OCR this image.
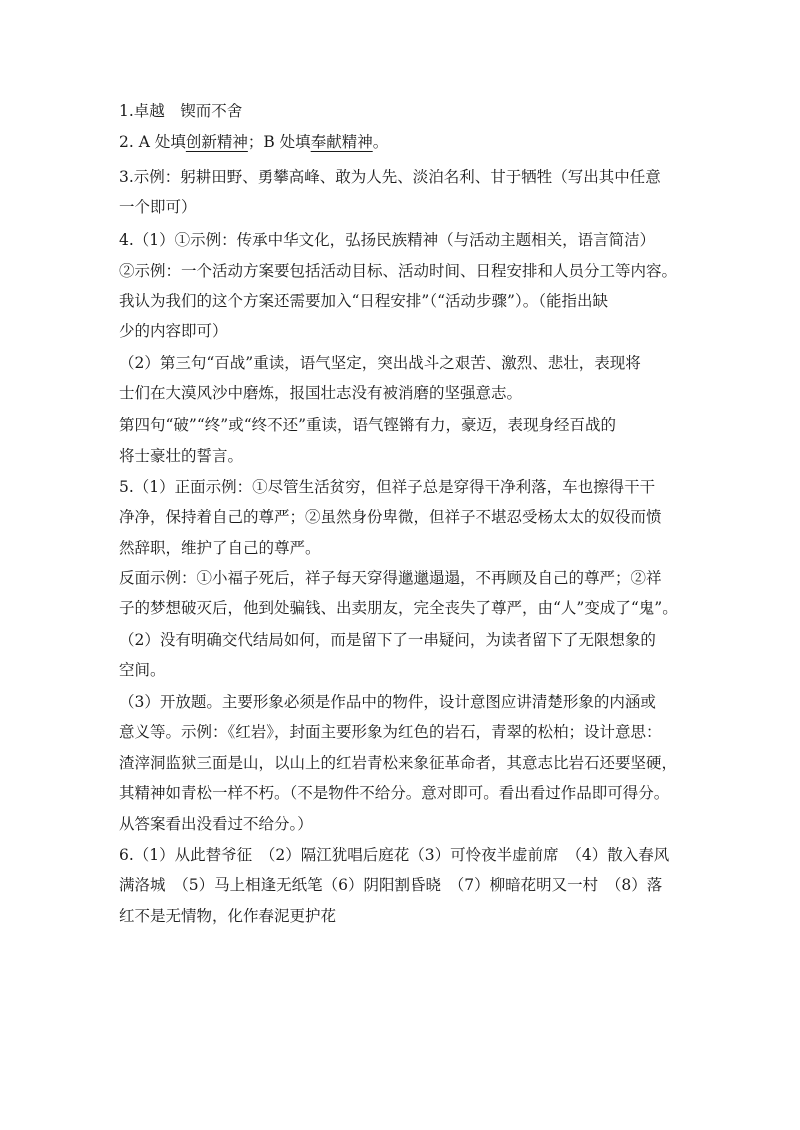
1.卓越　锲而不舍
2. A 处填创新精神；B 处填奉献精神。
3.示例：躬耕田野、勇攀高峰、敢为人先、淡泊名利、甘于牺牲（写出其中任意
一个即可）
4.（1）①示例：传承中华文化，弘扬民族精神（与活动主题相关，语言简洁）
②示例：一个活动方案要包括活动目标、活动时间、日程安排和人员分工等内容。
我认为我们的这个方案还需要加入“日程安排”（“活动步骤”）。（能指出缺
少的内容即可）
（2）第三句“百战”重读，语气坚定，突出战斗之艰苦、激烈、悲壮，表现将
士们在大漠风沙中磨炼，报国壮志没有被消磨的坚强意志。
第四句“破”“终”或“终不还”重读，语气铿锵有力，豪迈，表现身经百战的
将士豪壮的誓言。
5.（1）正面示例：①尽管生活贫穷，但祥子总是穿得干净利落，车也擦得干干
净净，保持着自己的尊严；②虽然身份卑微，但祥子不堪忍受杨太太的奴役而愤
然辞职，维护了自己的尊严。
反面示例：①小福子死后，祥子每天穿得邋邋遢遢，不再顾及自己的尊严；②祥
子的梦想破灭后，他到处骗钱、出卖朋友，完全丧失了尊严，由“人”变成了“鬼”。
（2）没有明确交代结局如何，而是留下了一串疑问，为读者留下了无限想象的
空间。
（3）开放题。主要形象必须是作品中的物件，设计意图应讲清楚形象的内涵或
意义等。示例：《红岩》，封面主要形象为红色的岩石，青翠的松柏；设计意思：
渣滓洞监狱三面是山，以山上的红岩青松来象征革命者，其意志比岩石还要坚硬，
其精神如青松一样不朽。（不是物件不给分。意对即可。看出看过作品即可得分。
从答案看出没看过不给分。）
6.（1）从此替爷征　（2）隔江犹唱后庭花（3）可怜夜半虚前席　（4）散入春风
满洛城　（5）马上相逢无纸笔（6）阴阳割昏晓　（7）柳暗花明又一村　（8）落
红不是无情物，化作春泥更护花
